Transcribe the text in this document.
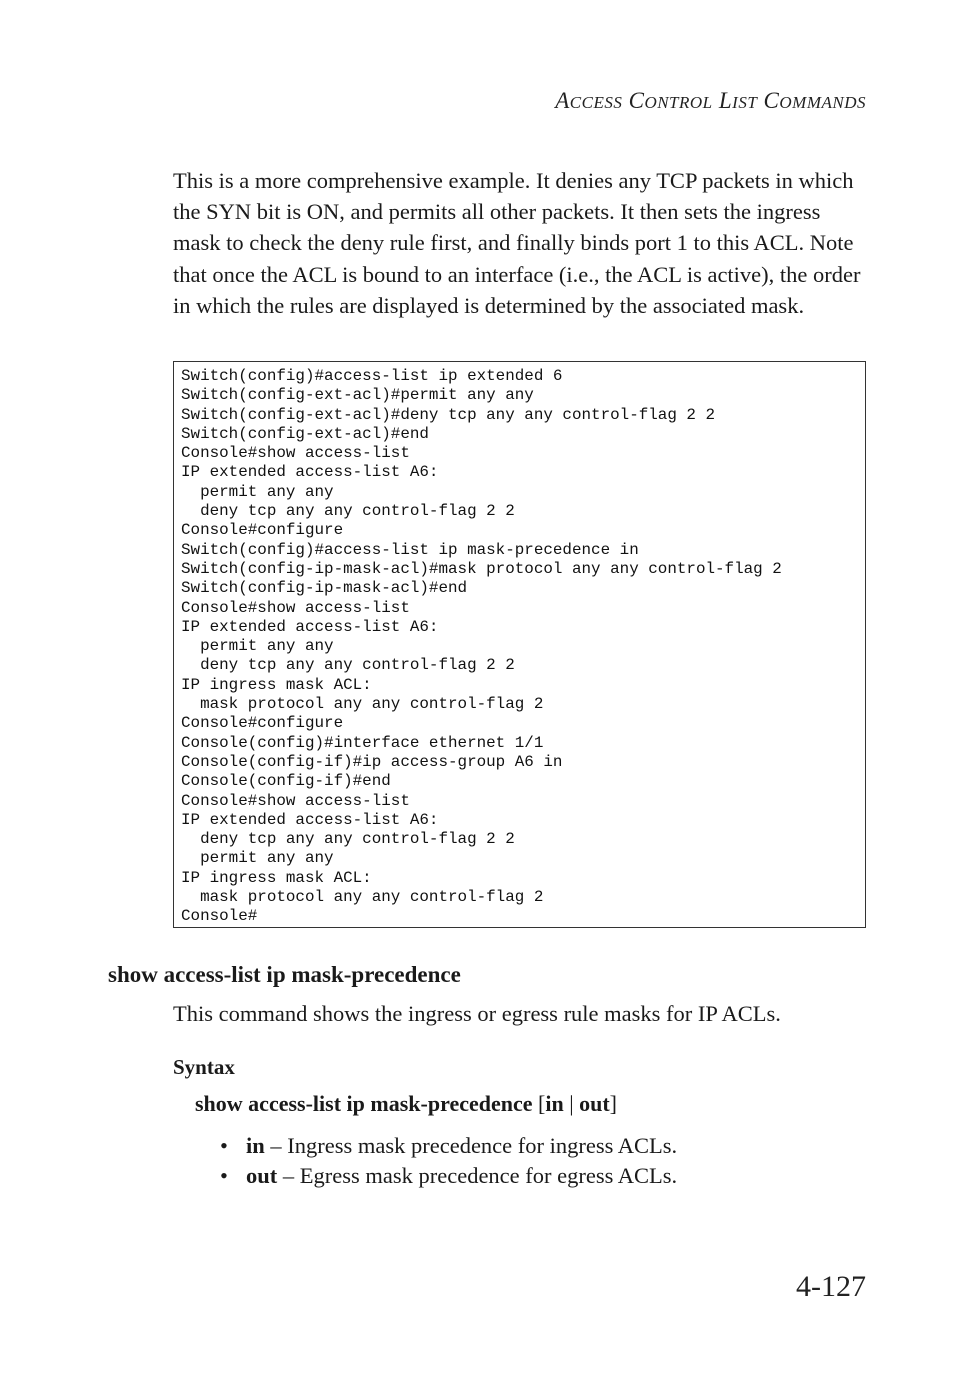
ACCESS CONTROL LIST COMMANDS

This is a more comprehensive example. It denies any TCP packets in which the SYN bit is ON, and permits all other packets. It then sets the ingress mask to check the deny rule first, and finally binds port 1 to this ACL. Note that once the ACL is bound to an interface (i.e., the ACL is active), the order in which the rules are displayed is determined by the associated mask.

Switch(config)#access-list ip extended 6
Switch(config-ext-acl)#permit any any
Switch(config-ext-acl)#deny tcp any any control-flag 2 2
Switch(config-ext-acl)#end
Console#show access-list
IP extended access-list A6:
permit any any
deny tcp any any control-flag 2 2
Console#configure
Switch(config)#access-list ip mask-precedence in
Switch(config-ip-mask-acl)#mask protocol any any control-flag 2
Switch(config-ip-mask-acl)#end
Console#show access-list
IP extended access-list A6:
permit any any
deny tcp any any control-flag 2 2
IP ingress mask ACL:
mask protocol any any control-flag 2
Console#configure
Console(config)#interface ethernet 1/1
Console(config-if)#ip access-group A6 in
Console(config-if)#end
Console#show access-list
IP extended access-list A6:
deny tcp any any control-flag 2 2
permit any any
IP ingress mask ACL:
mask protocol any any control-flag 2
Console#
show access-list ip mask-precedence

This command shows the ingress or egress rule masks for IP ACLs.

Syntax

show access-list ip mask-precedence [in | out]

• in – Ingress mask precedence for ingress ACLs.
• out – Egress mask precedence for egress ACLs.
4-127
